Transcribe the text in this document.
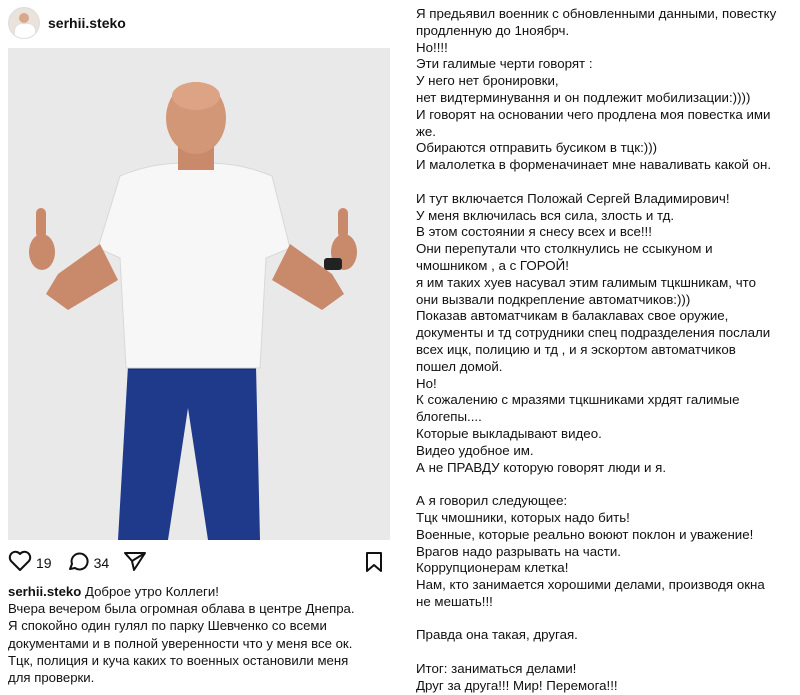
serhii.steko
19	34

serhii.steko Доброе утро Коллеги!

Вчера вечером была огромная облава в центре Днепра.

Я спокойно один гулял по парку Шевченко со всеми

документами и в полной уверенности что у меня все ок.

Тцк, полиция и куча каких то военных остановили меня

для проверки.

Я предьявил военник с обновленными данными, повестку

продленную до 1ноябрч.

Но!!!!

Эти галимые черти говорят :

У него нет бронировки,

нет видтерминування и он подлежит мобилизации:))))

И говорят на основании чего продлена моя повестка ими

же.

Обираются отправить бусиком в тцк:)))

И малолетка в форменачинает мне наваливать какой он.

И тут включается Положай Сергей Владимирович!

У меня включилась вся сила, злость и тд.

В этом состоянии я снесу всех и все!!!

Они перепутали что столкнулись не ссыкуном и

чмошником , а с ГОРОЙ!

я им таких хуев насувал этим галимым тцкшникам, что

они вызвали подкрепление автоматчиков:)))

Показав автоматчикам в балаклавах свое оружие,

документы и тд сотрудники спец подразделения послали

всех ицк, полицию и тд , и я эскортом автоматчиков

пошел домой.

Но!

К сожалению с мразями тцкшниками хрдят галимые

блогепы....

Которые выкладывают видео.

Видео удобное им.

А не ПРАВДУ которую говорят люди и я.

А я говорил следующее:

Тцк чмошники, которых надо бить!

Военные, которые реально воюют поклон и уважение!

Врагов надо разрывать на части.

Коррупционерам клетка!

Нам, кто занимается хорошими делами, производя окна

не мешать!!!

Правда она такая, другая.

Итог: заниматься делами!

Друг за друга!!! Мир! Перемога!!!
